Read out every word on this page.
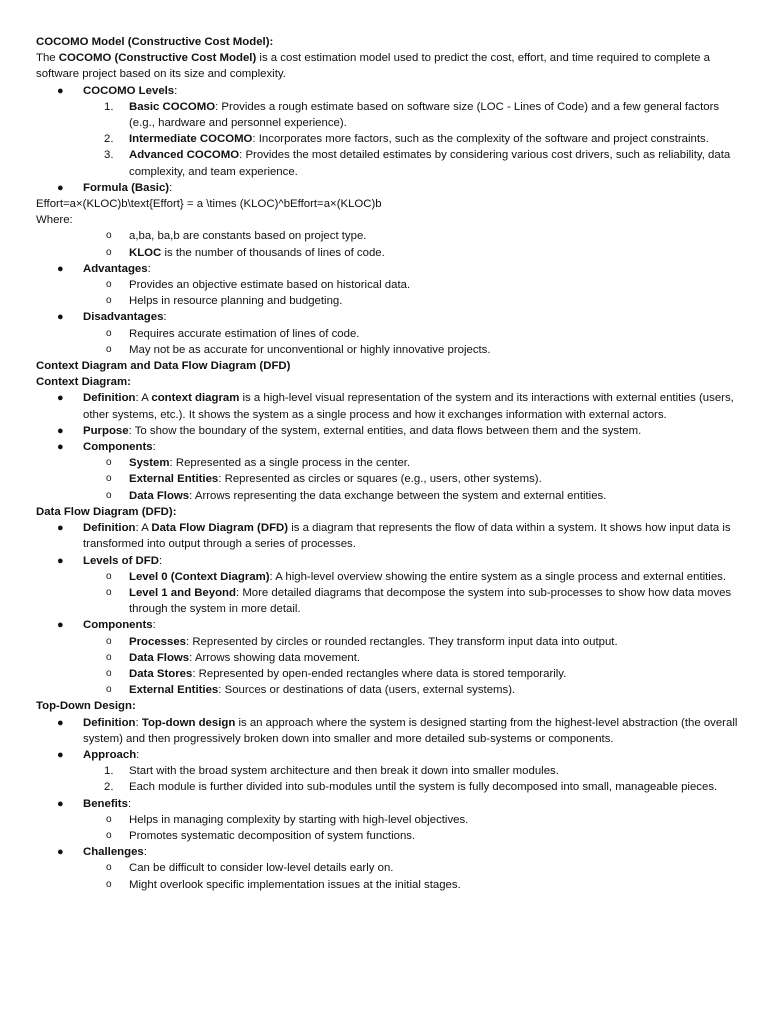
COCOMO Model (Constructive Cost Model):

The COCOMO (Constructive Cost Model) is a cost estimation model used to predict the cost, effort, and time required to complete a software project based on its size and complexity.

● COCOMO Levels:
1. Basic COCOMO: Provides a rough estimate based on software size (LOC - Lines of Code) and a few general factors (e.g., hardware and personnel experience).
2. Intermediate COCOMO: Incorporates more factors, such as the complexity of the software and project constraints.
3. Advanced COCOMO: Provides the most detailed estimates by considering various cost drivers, such as reliability, data complexity, and team experience.
● Formula (Basic):

Effort=a×(KLOC)b\text{Effort} = a \times (KLOC)^bEffort=a×(KLOC)b

Where:

o a,ba, ba,b are constants based on project type.
o KLOC is the number of thousands of lines of code.
● Advantages:
o Provides an objective estimate based on historical data.
o Helps in resource planning and budgeting.
● Disadvantages:
o Requires accurate estimation of lines of code.
o May not be as accurate for unconventional or highly innovative projects.

Context Diagram and Data Flow Diagram (DFD)

Context Diagram:

● Definition: A context diagram is a high-level visual representation of the system and its interactions with external entities (users, other systems, etc.). It shows the system as a single process and how it exchanges information with external actors.
● Purpose: To show the boundary of the system, external entities, and data flows between them and the system.
● Components:
o System: Represented as a single process in the center.
o External Entities: Represented as circles or squares (e.g., users, other systems).
o Data Flows: Arrows representing the data exchange between the system and external entities.

Data Flow Diagram (DFD):

● Definition: A Data Flow Diagram (DFD) is a diagram that represents the flow of data within a system. It shows how input data is transformed into output through a series of processes.
● Levels of DFD:
o Level 0 (Context Diagram): A high-level overview showing the entire system as a single process and external entities.
o Level 1 and Beyond: More detailed diagrams that decompose the system into sub-processes to show how data moves through the system in more detail.
● Components:
o Processes: Represented by circles or rounded rectangles. They transform input data into output.
o Data Flows: Arrows showing data movement.
o Data Stores: Represented by open-ended rectangles where data is stored temporarily.
o External Entities: Sources or destinations of data (users, external systems).

Top-Down Design:

● Definition: Top-down design is an approach where the system is designed starting from the highest-level abstraction (the overall system) and then progressively broken down into smaller and more detailed sub-systems or components.
● Approach:
1. Start with the broad system architecture and then break it down into smaller modules.
2. Each module is further divided into sub-modules until the system is fully decomposed into small, manageable pieces.
● Benefits:
o Helps in managing complexity by starting with high-level objectives.
o Promotes systematic decomposition of system functions.
● Challenges:
o Can be difficult to consider low-level details early on.
o Might overlook specific implementation issues at the initial stages.
